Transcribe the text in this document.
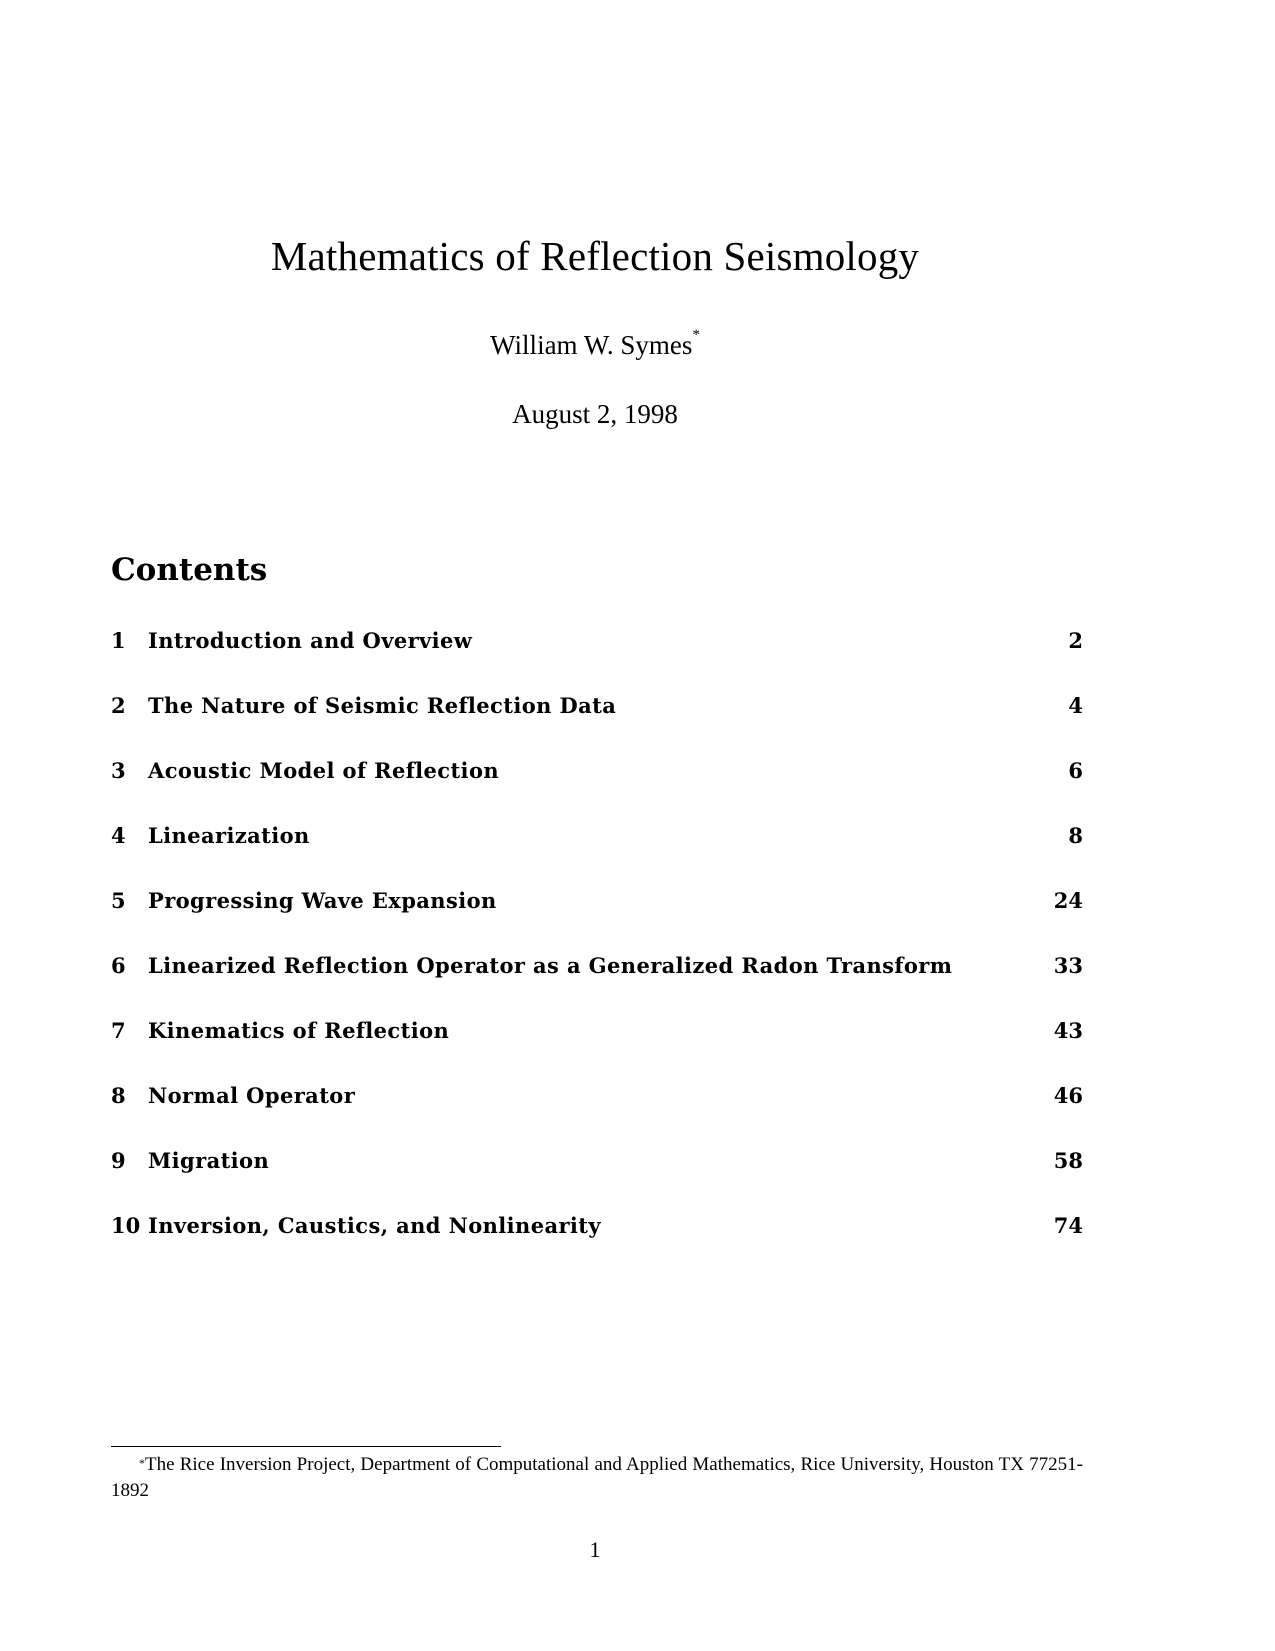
Mathematics of Reflection Seismology
William W. Symes*
August 2, 1998
Contents
1 Introduction and Overview	2
2 The Nature of Seismic Reflection Data	4
3 Acoustic Model of Reflection	6
4 Linearization	8
5 Progressing Wave Expansion	24
6 Linearized Reflection Operator as a Generalized Radon Transform	33
7 Kinematics of Reflection	43
8 Normal Operator	46
9 Migration	58
10 Inversion, Caustics, and Nonlinearity	74
*The Rice Inversion Project, Department of Computational and Applied Mathematics, Rice University, Houston TX 77251-1892
1
